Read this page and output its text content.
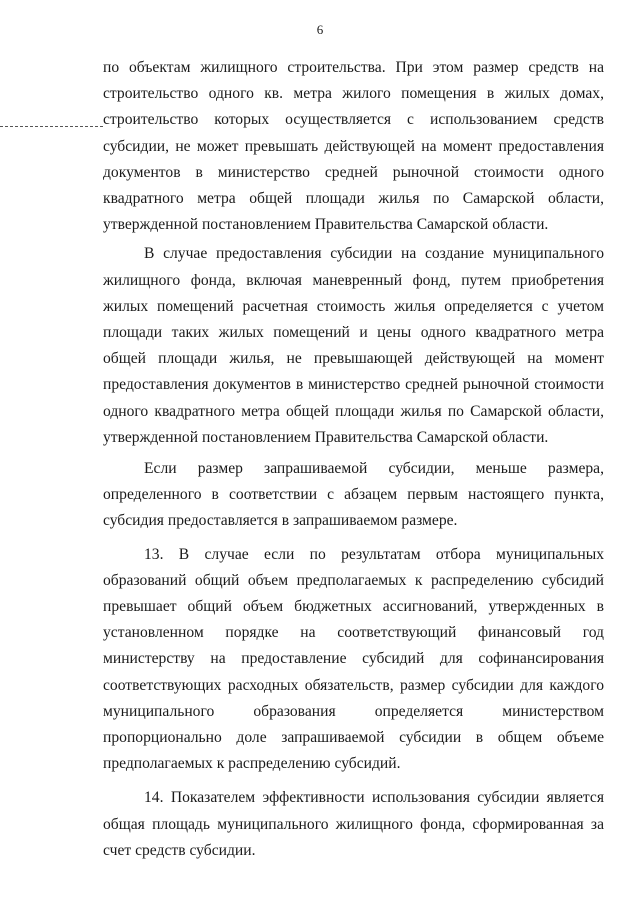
6

по объектам жилищного строительства. При этом размер средств на строительство одного кв. метра жилого помещения в жилых домах, строительство которых осуществляется с использованием средств субсидии, не может превышать действующей на момент предоставления документов в министерство средней рыночной стоимости одного квадратного метра общей площади жилья по Самарской области, утвержденной постановлением Правительства Самарской области.

В случае предоставления субсидии на создание муниципального жилищного фонда, включая маневренный фонд, путем приобретения жилых помещений расчетная стоимость жилья определяется с учетом площади таких жилых помещений и цены одного квадратного метра общей площади жилья, не превышающей действующей на момент предоставления документов в министерство средней рыночной стоимости одного квадратного метра общей площади жилья по Самарской области, утвержденной постановлением Правительства Самарской области.

Если размер запрашиваемой субсидии, меньше размера, определенного в соответствии с абзацем первым настоящего пункта, субсидия предоставляется в запрашиваемом размере.

13. В случае если по результатам отбора муниципальных образований общий объем предполагаемых к распределению субсидий превышает общий объем бюджетных ассигнований, утвержденных в установленном порядке на соответствующий финансовый год министерству на предоставление субсидий для софинансирования соответствующих расходных обязательств, размер субсидии для каждого муниципального образования определяется министерством пропорционально доле запрашиваемой субсидии в общем объеме предполагаемых к распределению субсидий.

14. Показателем эффективности использования субсидии является общая площадь муниципального жилищного фонда, сформированная за счет средств субсидии.
